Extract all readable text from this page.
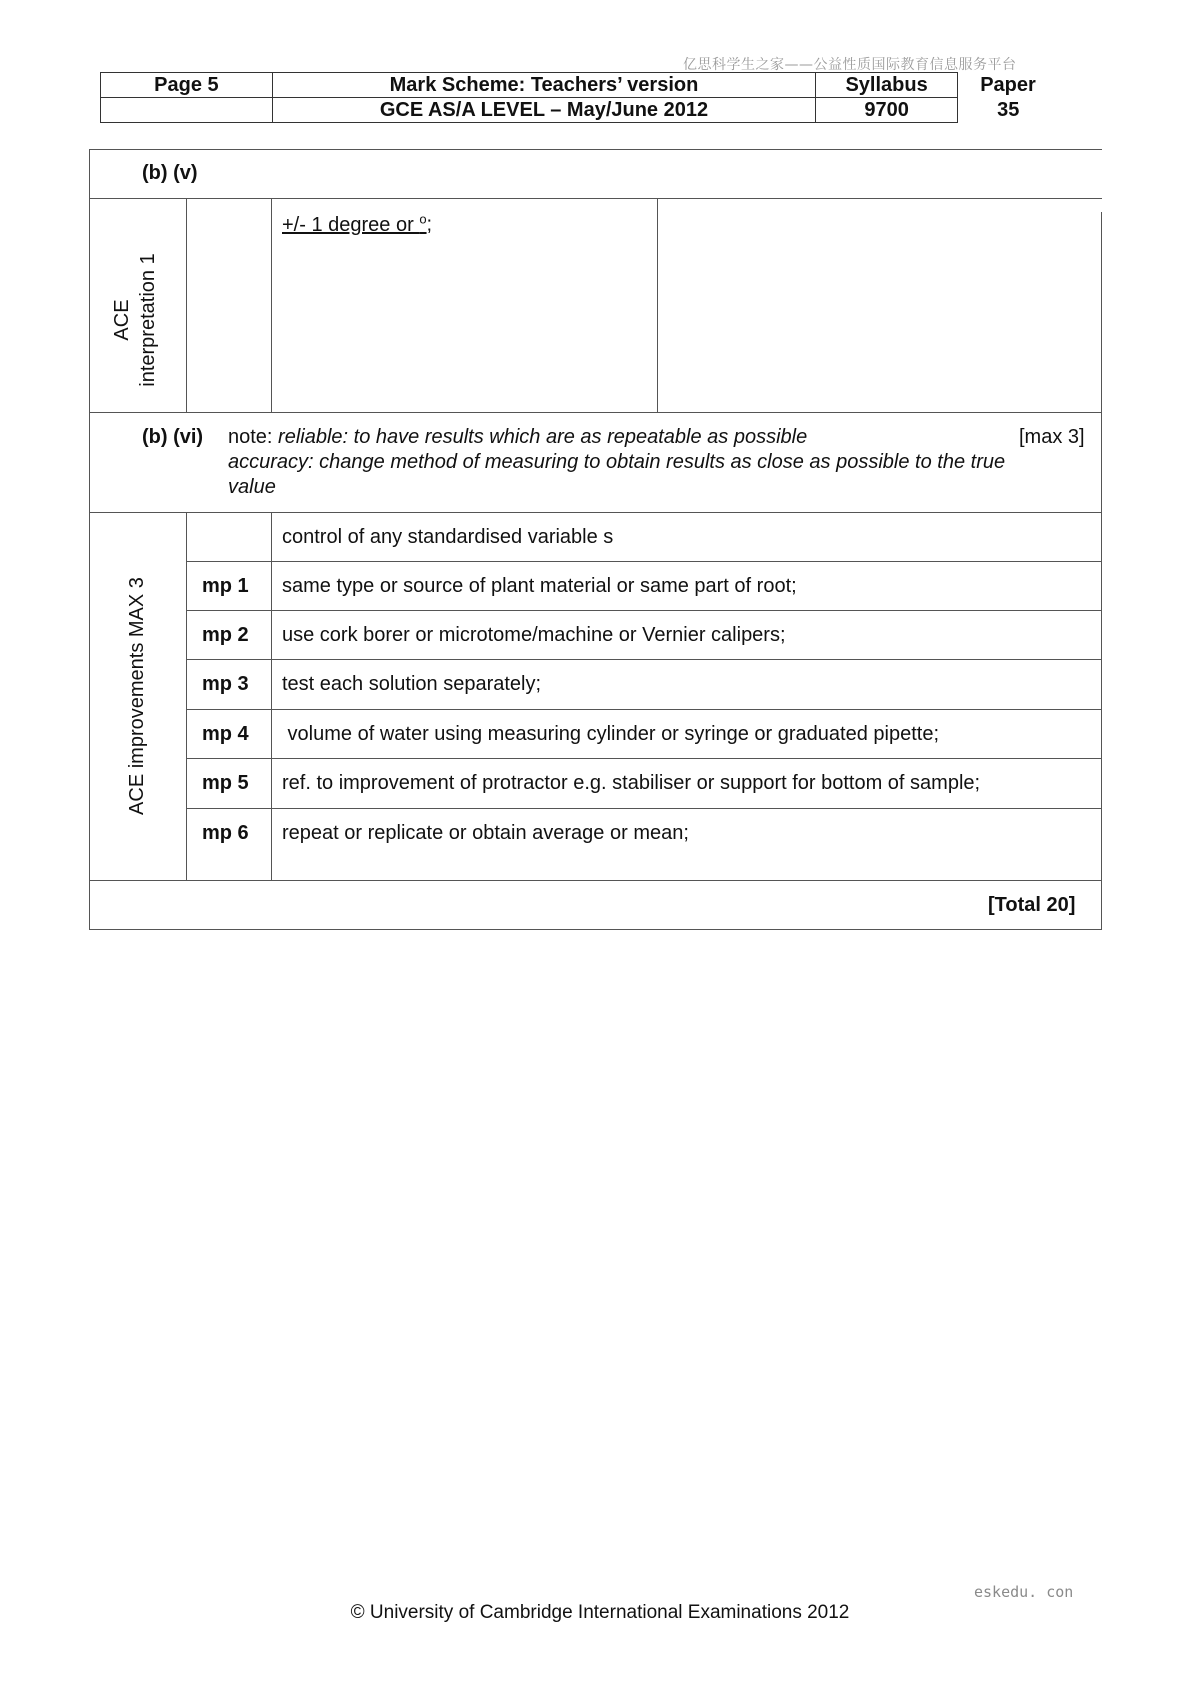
亿思科学生之家——公益性质国际教育信息服务平台
Page 5	Mark Scheme: Teachers’ version	Syllabus	Paper
	GCE AS/A LEVEL – May/June 2012	9700	35
(b) (v)
ACE interpretation 1
+/- 1 degree or $^o$;
(b) (vi) note: reliable: to have results which are as repeatable as possible	[max 3]
accuracy: change method of measuring to obtain results as close as possible to the true
value
ACE improvements MAX 3
control of any standardised variable s
mp 1 same type or source of plant material or same part of root;
mp 2 use cork borer or microtome/machine or Vernier calipers;
mp 3 test each solution separately;
mp 4 volume of water using measuring cylinder or syringe or graduated pipette;
mp 5 ref. to improvement of protractor e.g. stabiliser or support for bottom of sample;
mp 6 repeat or replicate or obtain average or mean;
[Total 20]
eskedu. con
© University of Cambridge International Examinations 2012
